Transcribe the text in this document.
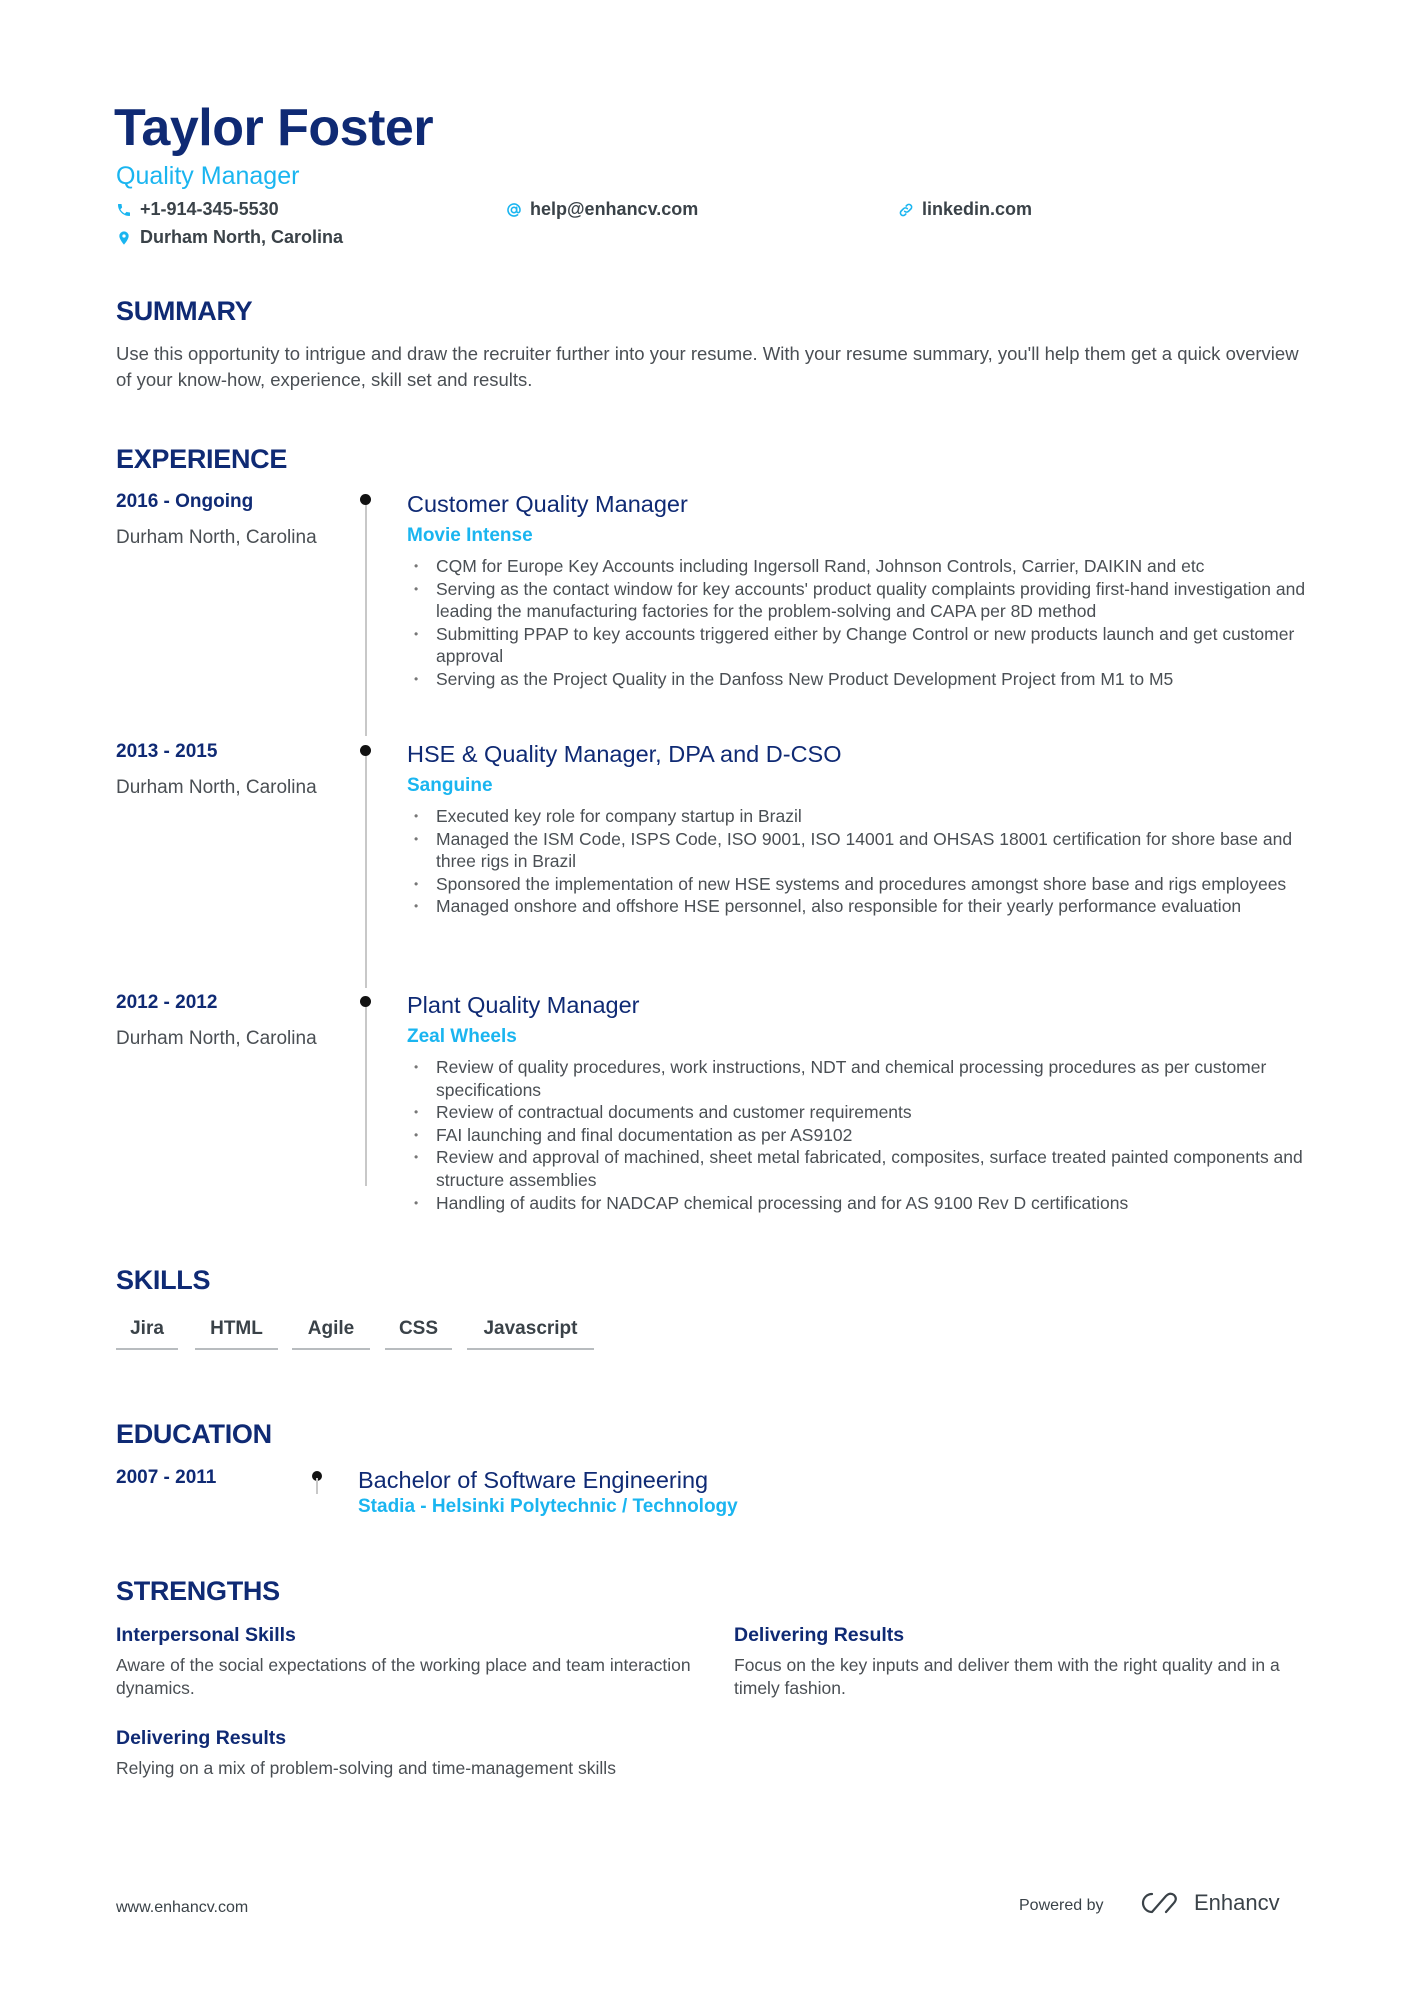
Taylor Foster
Quality Manager
+1-914-345-5530	help@enhancv.com	linkedin.com
Durham North, Carolina
SUMMARY
Use this opportunity to intrigue and draw the recruiter further into your resume. With your resume summary, you'll help them get a quick overview of your know-how, experience, skill set and results.
EXPERIENCE
2016 - Ongoing
Durham North, Carolina
Customer Quality Manager
Movie Intense
• CQM for Europe Key Accounts including Ingersoll Rand, Johnson Controls, Carrier, DAIKIN and etc
• Serving as the contact window for key accounts' product quality complaints providing first-hand investigation and leading the manufacturing factories for the problem-solving and CAPA per 8D method
• Submitting PPAP to key accounts triggered either by Change Control or new products launch and get customer approval
• Serving as the Project Quality in the Danfoss New Product Development Project from M1 to M5
2013 - 2015
Durham North, Carolina
HSE & Quality Manager, DPA and D-CSO
Sanguine
• Executed key role for company startup in Brazil
• Managed the ISM Code, ISPS Code, ISO 9001, ISO 14001 and OHSAS 18001 certification for shore base and three rigs in Brazil
• Sponsored the implementation of new HSE systems and procedures amongst shore base and rigs employees
• Managed onshore and offshore HSE personnel, also responsible for their yearly performance evaluation
2012 - 2012
Durham North, Carolina
Plant Quality Manager
Zeal Wheels
• Review of quality procedures, work instructions, NDT and chemical processing procedures as per customer specifications
• Review of contractual documents and customer requirements
• FAI launching and final documentation as per AS9102
• Review and approval of machined, sheet metal fabricated, composites, surface treated painted components and structure assemblies
• Handling of audits for NADCAP chemical processing and for AS 9100 Rev D certifications
SKILLS
Jira	HTML	Agile	CSS	Javascript
EDUCATION
2007 - 2011	Bachelor of Software Engineering
Stadia - Helsinki Polytechnic / Technology
STRENGTHS
Interpersonal Skills
Aware of the social expectations of the working place and team interaction dynamics.
Delivering Results
Focus on the key inputs and deliver them with the right quality and in a timely fashion.
Delivering Results
Relying on a mix of problem-solving and time-management skills
www.enhancv.com	Powered by	Enhancv
